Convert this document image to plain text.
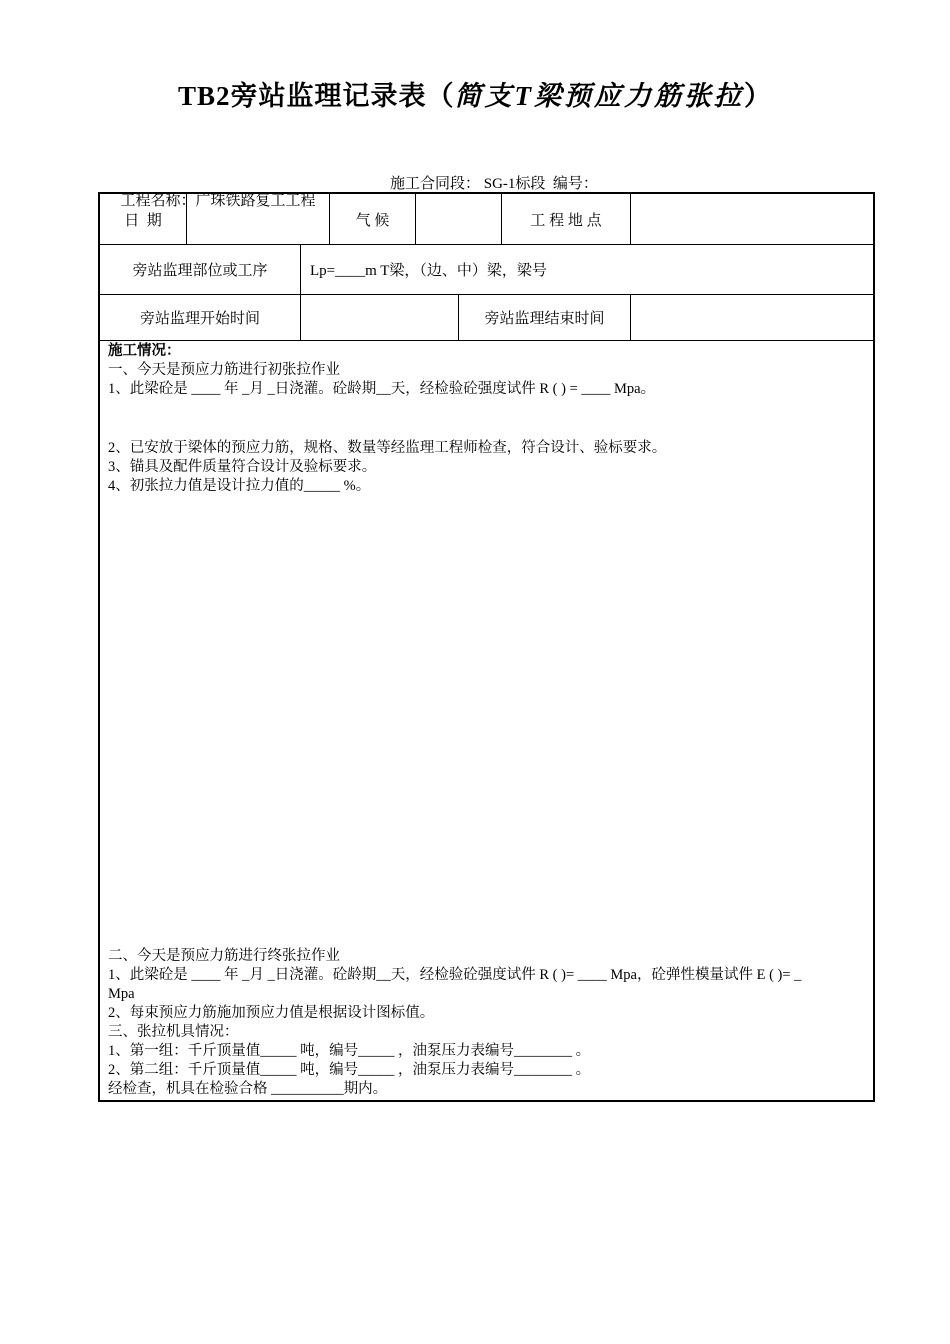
TB2旁站监理记录表（简支T梁预应力筋张拉）

工程名称：广珠铁路复工工程

施工合同段： SG-1标段  编号：

日  期	气 候	工 程 地 点
旁站监理部位或工序	Lp=____m T梁，（边、中）梁，梁号
旁站监理开始时间	旁站监理结束时间

施工情况：

一、今天是预应力筋进行初张拉作业

1、此梁砼是 ____ 年 _月 _日浇灌。砼龄期__天，经检验砼强度试件 R ( ) = ____ Mpa。

2、已安放于梁体的预应力筋，规格、数量等经监理工程师检查，符合设计、验标要求。

3、锚具及配件质量符合设计及验标要求。

4、初张拉力值是设计拉力值的_____ %。

二、今天是预应力筋进行终张拉作业

1、此梁砼是 ____ 年 _月 _日浇灌。砼龄期__天，经检验砼强度试件 R ( )= ____ Mpa，砼弹性模量试件 E ( )= _

Mpa

2、每束预应力筋施加预应力值是根据设计图标值。

三、张拉机具情况：

1、第一组：千斤顶量值_____ 吨，编号_____ ，油泵压力表编号________ 。

2、第二组：千斤顶量值_____ 吨，编号_____ ，油泵压力表编号________ 。

经检查，机具在检验合格 __________期内。
